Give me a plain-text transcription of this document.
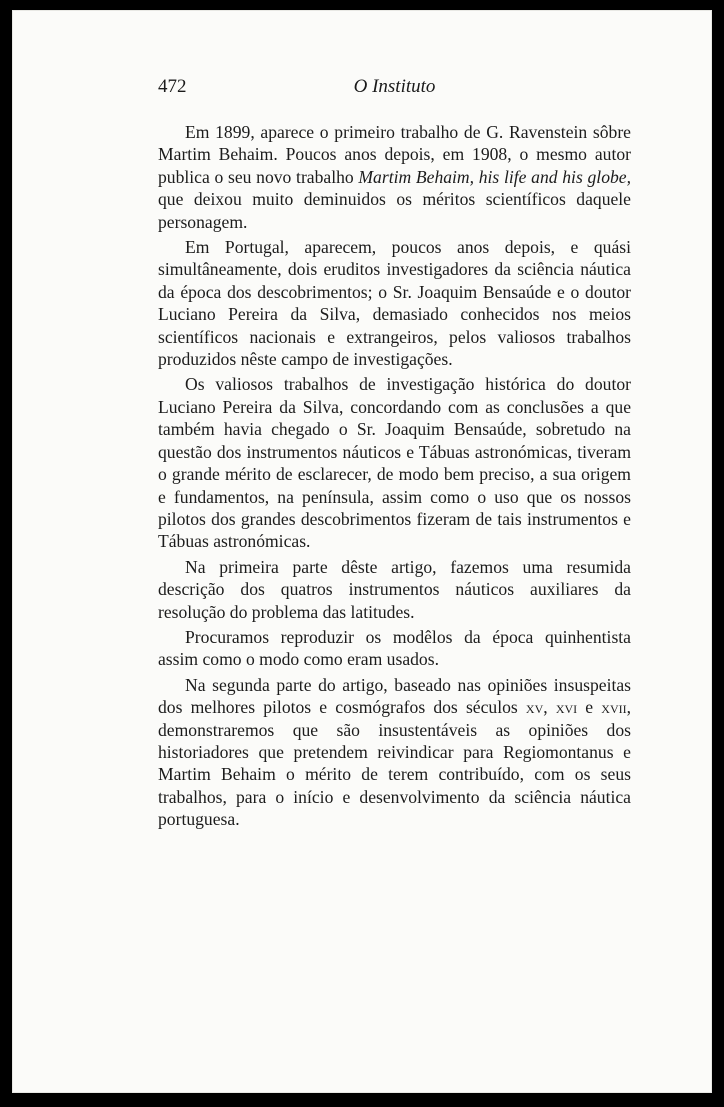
472	O Instituto

Em 1899, aparece o primeiro trabalho de G. Ravenstein sôbre Martim Behaim. Poucos anos depois, em 1908, o mesmo autor publica o seu novo trabalho Martim Behaim, his life and his globe, que deixou muito deminuidos os méritos scientíficos daquele personagem.

Em Portugal, aparecem, poucos anos depois, e quási simultâneamente, dois eruditos investigadores da sciência náutica da época dos descobrimentos; o Sr. Joaquim Bensaúde e o doutor Luciano Pereira da Silva, demasiado conhecidos nos meios scientíficos nacionais e extrangeiros, pelos valiosos trabalhos produzidos nêste campo de investigações.

Os valiosos trabalhos de investigação histórica do doutor Luciano Pereira da Silva, concordando com as conclusões a que também havia chegado o Sr. Joaquim Bensaúde, sobretudo na questão dos instrumentos náuticos e Tábuas astronómicas, tiveram o grande mérito de esclarecer, de modo bem preciso, a sua origem e fundamentos, na península, assim como o uso que os nossos pilotos dos grandes descobrimentos fizeram de tais instrumentos e Tábuas astronómicas.

Na primeira parte dêste artigo, fazemos uma resumida descrição dos quatros instrumentos náuticos auxiliares da resolução do problema das latitudes.

Procuramos reproduzir os modêlos da época quinhentista assim como o modo como eram usados.

Na segunda parte do artigo, baseado nas opiniões insuspeitas dos melhores pilotos e cosmógrafos dos séculos xv, xvi e xvii, demonstraremos que são insustentáveis as opiniões dos historiadores que pretendem reivindicar para Regiomontanus e Martim Behaim o mérito de terem contribuído, com os seus trabalhos, para o início e desenvolvimento da sciência náutica portuguesa.
